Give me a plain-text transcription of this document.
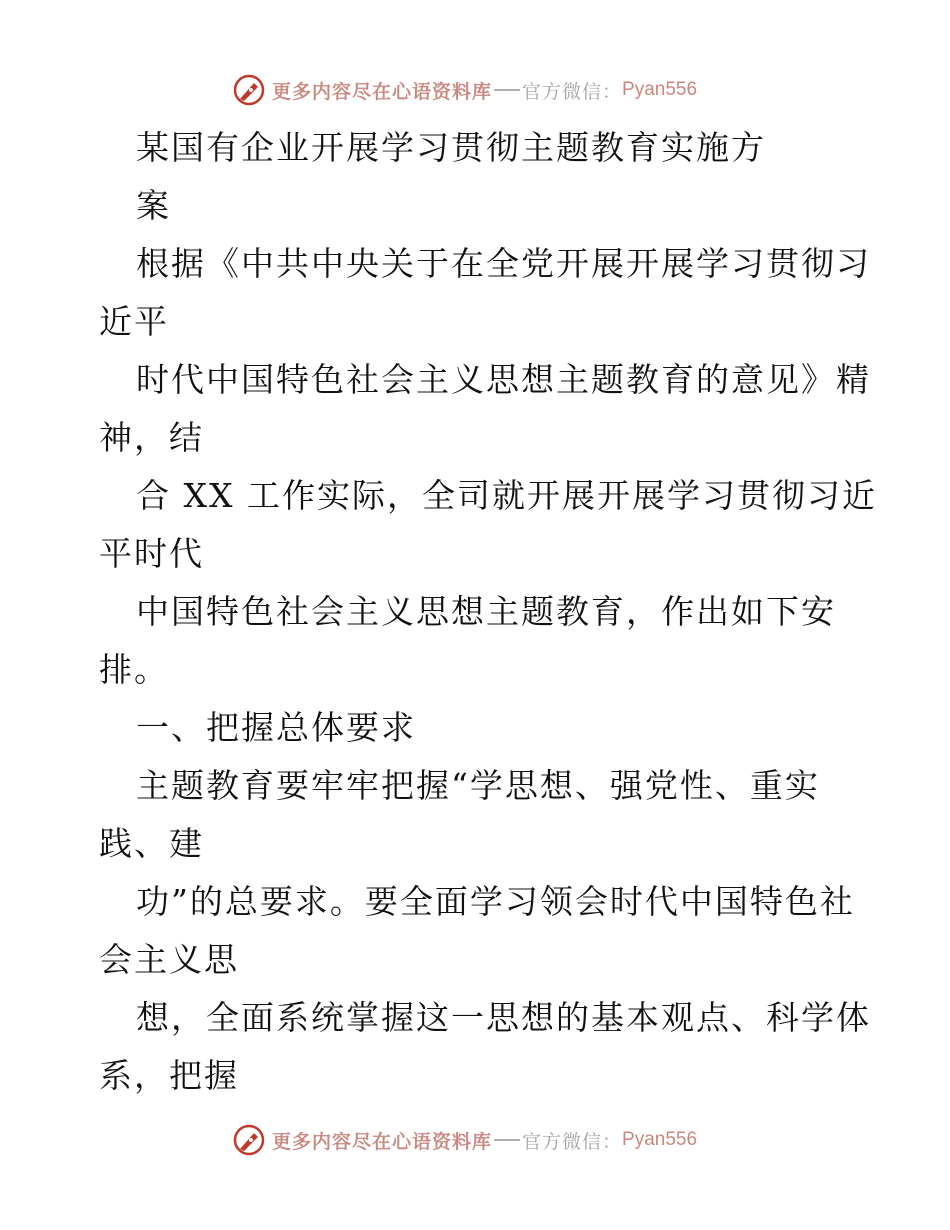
更多内容尽在心语资料库 官方微信： Pyan556

某国有企业开展学习贯彻主题教育实施方

案

根据《中共中央关于在全党开展开展学习贯彻习

近平

时代中国特色社会主义思想主题教育的意见》精

神，结

合 XX 工作实际，全司就开展开展学习贯彻习近

平时代

中国特色社会主义思想主题教育，作出如下安

排。

一、把握总体要求

主题教育要牢牢把握“学思想、强党性、重实

践、建

功”的总要求。要全面学习领会时代中国特色社

会主义思

想，全面系统掌握这一思想的基本观点、科学体

系，把握

更多内容尽在心语资料库 官方微信： Pyan556
